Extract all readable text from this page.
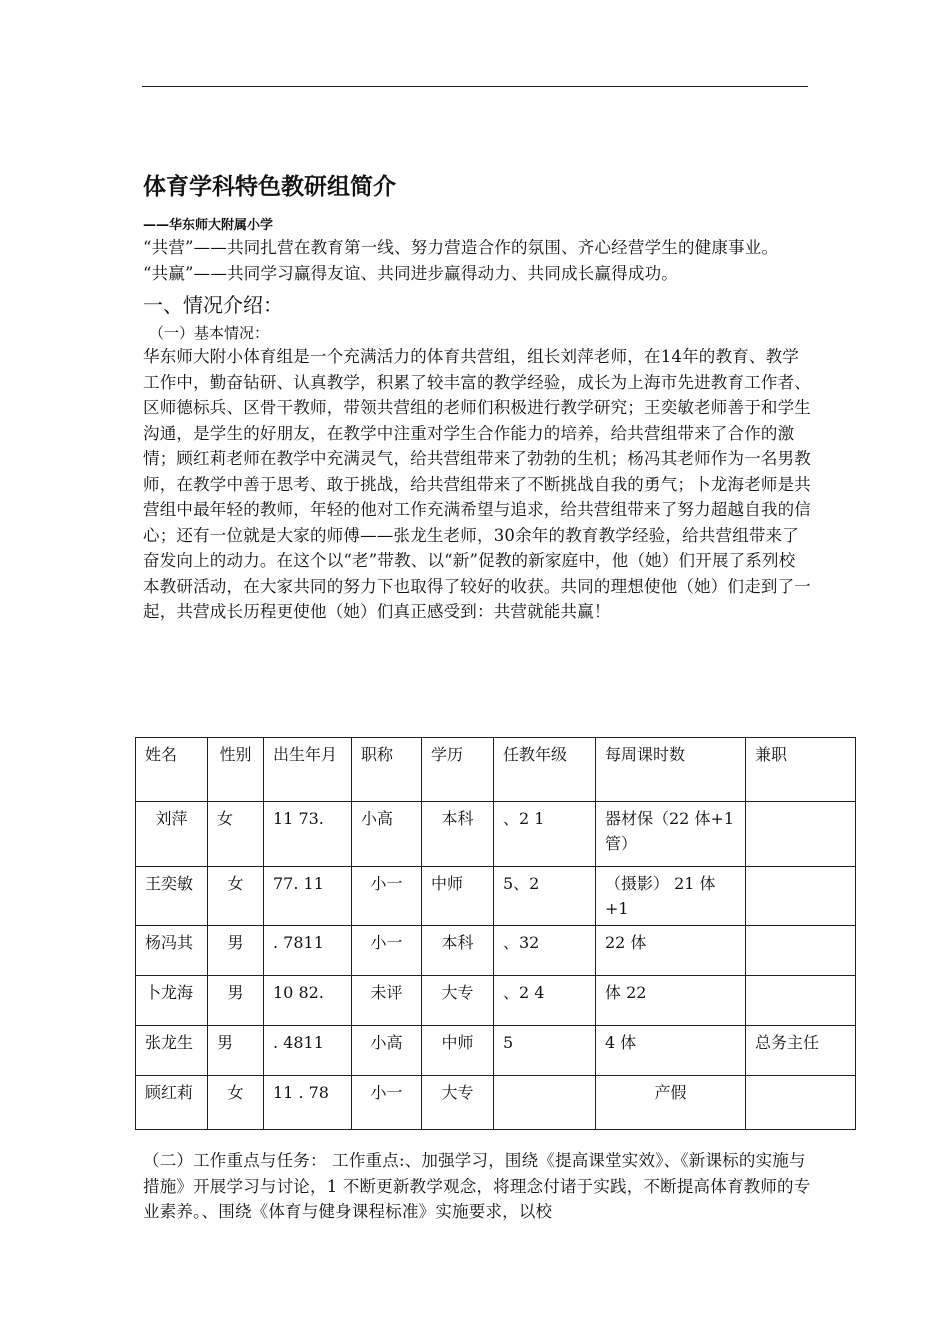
体育学科特色教研组简介
——华东师大附属小学

“共营”——共同扎营在教育第一线、努力营造合作的氛围、齐心经营学生的健康事业。

“共赢”——共同学习赢得友谊、共同进步赢得动力、共同成长赢得成功。

一、情况介绍：
（一）基本情况：

华东师大附小体育组是一个充满活力的体育共营组，组长刘萍老师，在14年的教育、教学工作中，勤奋钻研、认真教学，积累了较丰富的教学经验，成长为上海市先进教育工作者、区师德标兵、区骨干教师，带领共营组的老师们积极进行教学研究；王奕敏老师善于和学生沟通，是学生的好朋友，在教学中注重对学生合作能力的培养，给共营组带来了合作的激情；顾红莉老师在教学中充满灵气，给共营组带来了勃勃的生机；杨冯其老师作为一名男教师，在教学中善于思考、敢于挑战，给共营组带来了不断挑战自我的勇气；卜龙海老师是共营组中最年轻的教师，年轻的他对工作充满希望与追求，给共营组带来了努力超越自我的信心；还有一位就是大家的师傅——张龙生老师，30余年的教育教学经验，给共营组带来了奋发向上的动力。在这个以“老”带教、以“新”促教的新家庭中，他（她）们开展了系列校本教研活动，在大家共同的努力下也取得了较好的收获。共同的理想使他（她）们走到了一起，共营成长历程更使他（她）们真正感受到：共营就能共赢！

姓名	性别	出生年月	职称	学历	任教年级	每周课时数	兼职
刘萍	女	11 73.	小高	本科	、2 1	器材保（22 体+1 管）	
王奕敏	女	77. 11	小一	中师	5、2	（摄影） 21 体 +1	
杨冯其	男	. 7811	小一	本科	、32	22 体	
卜龙海	男	10 82.	未评	大专	、2 4	体 22	
张龙生	男	. 4811	小高	中师	5	4 体	总务主任
顾红莉	女	11 . 78	小一	大专		产假	

（二）工作重点与任务： 工作重点:、加强学习，围绕《提高课堂实效》、《新课标的实施与措施》开展学习与讨论，1 不断更新教学观念，将理念付诸于实践，不断提高体育教师的专业素养。、围绕《体育与健身课程标准》实施要求，以校
